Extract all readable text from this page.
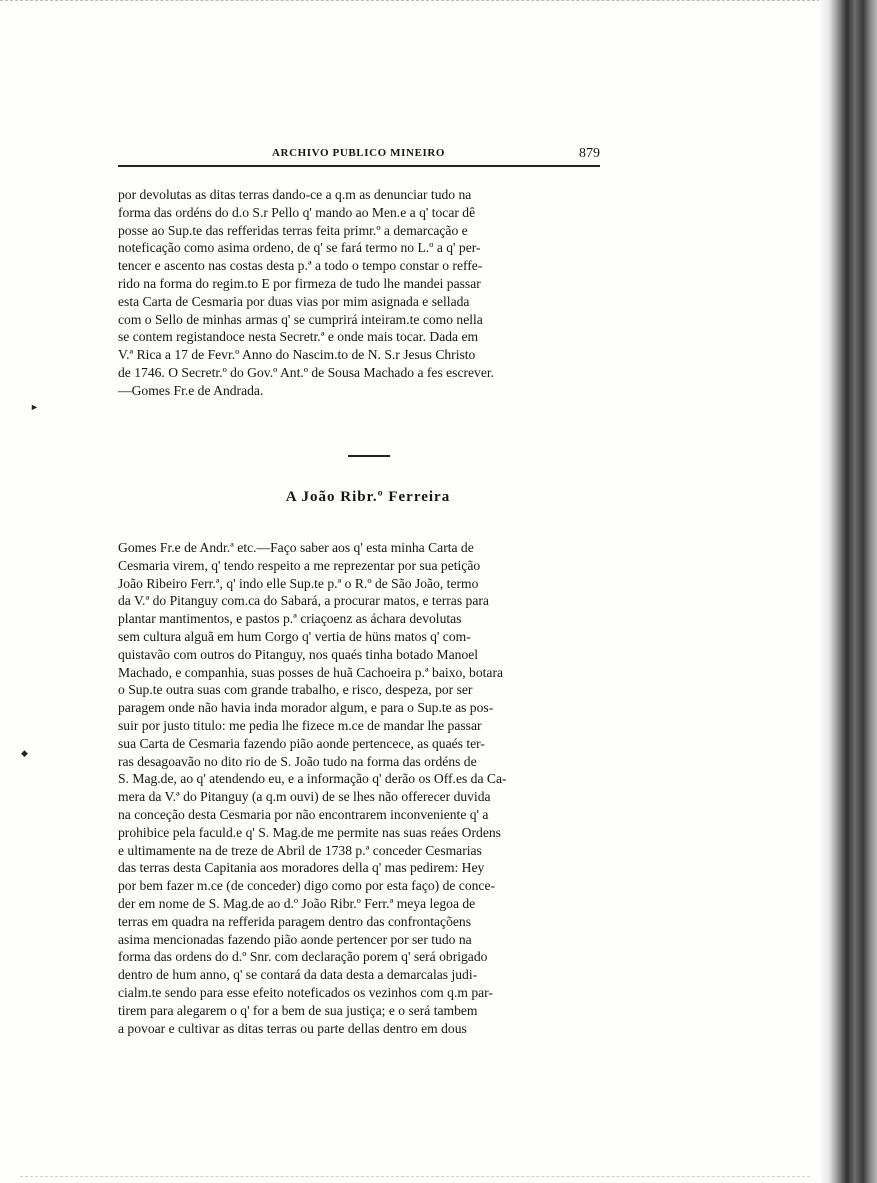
ARCHIVO PUBLICO MINEIRO	879
►
◆
por devolutas as ditas terras dando-ce a q.m as denunciar tudo na
forma das ordéns do d.o S.r Pello q' mando ao Men.e a q' tocar dê
posse ao Sup.te das refferidas terras feita primr.º a demarcação e
noteficação como asima ordeno, de q' se fará termo no L.º a q' per-
tencer e ascento nas costas desta p.ª a todo o tempo constar o reffe-
rido na forma do regim.to E por firmeza de tudo lhe mandei passar
esta Carta de Cesmaria por duas vias por mim asignada e sellada
com o Sello de minhas armas q' se cumprirá inteiram.te como nella
se contem registandoce nesta Secretr.ª e onde mais tocar. Dada em
V.ª Rica a 17 de Fevr.º Anno do Nascim.to de N. S.r Jesus Christo
de 1746. O Secretr.º do Gov.º Ant.º de Sousa Machado a fes escrever.
—Gomes Fr.e de Andrada.
A João Ribr.º Ferreira
Gomes Fr.e de Andr.ª etc.—Faço saber aos q' esta minha Carta de
Cesmaria virem, q' tendo respeito a me reprezentar por sua petição
João Ribeiro Ferr.ª, q' indo elle Sup.te p.ª o R.º de São João, termo
da V.ª do Pitanguy com.ca do Sabará, a procurar matos, e terras para
plantar mantimentos, e pastos p.ª criaçoenz as áchara devolutas
sem cultura alguã em hum Corgo q' vertia de hüns matos q' com-
quistavão com outros do Pitanguy, nos quaés tinha botado Manoel
Machado, e companhia, suas posses de huã Cachoeira p.ª baixo, botara
o Sup.te outra suas com grande trabalho, e risco, despeza, por ser
paragem onde não havia inda morador algum, e para o Sup.te as pos-
suir por justo titulo: me pedia lhe fizece m.ce de mandar lhe passar
sua Carta de Cesmaria fazendo pião aonde pertencece, as quaés ter-
ras desagoavão no dito rio de S. João tudo na forma das ordéns de
S. Mag.de, ao q' atendendo eu, e a informação q' derão os Off.es da Ca-
mera da V.ª do Pitanguy (a q.m ouvi) de se lhes não offerecer duvida
na conceção desta Cesmaria por não encontrarem inconveniente q' a
prohibice pela faculd.e q' S. Mag.de me permite nas suas reáes Ordens
e ultimamente na de treze de Abril de 1738 p.ª conceder Cesmarias
das terras desta Capitania aos moradores della q' mas pedirem: Hey
por bem fazer m.ce (de conceder) digo como por esta faço) de conce-
der em nome de S. Mag.de ao d.º João Ribr.º Ferr.ª meya legoa de
terras em quadra na refferida paragem dentro das confrontaçõens
asima mencionadas fazendo pião aonde pertencer por ser tudo na
forma das ordens do d.º Snr. com declaração porem q' será obrigado
dentro de hum anno, q' se contará da data desta a demarcalas judi-
cialm.te sendo para esse efeito noteficados os vezinhos com q.m par-
tirem para alegarem o q' for a bem de sua justiça; e o será tambem
a povoar e cultivar as ditas terras ou parte dellas dentro em dous
